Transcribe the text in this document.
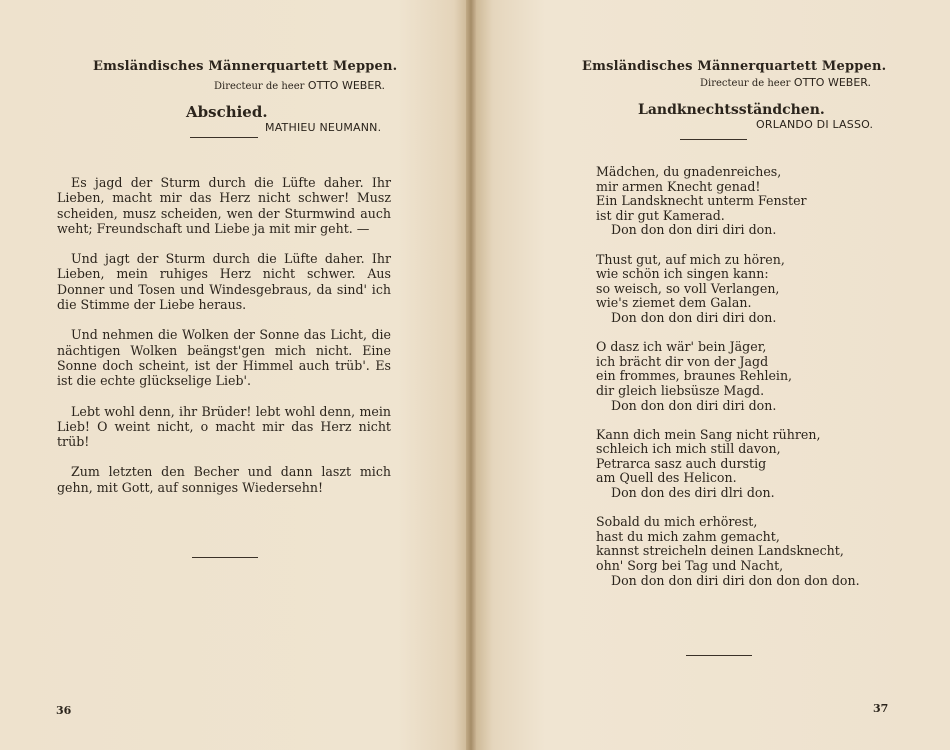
Emsländisches Männerquartett Meppen.
Directeur de heer OTTO WEBER.
Abschied.
MATHIEU NEUMANN.

Es jagd der Sturm durch die Lüfte daher. Ihr Lieben, macht mir das Herz nicht schwer! Musz scheiden, musz scheiden, wen der Sturmwind auch weht; Freundschaft und Liebe ja mit mir geht. —

Und jagt der Sturm durch die Lüfte daher. Ihr Lieben, mein ruhiges Herz nicht schwer. Aus Donner und Tosen und Windesgebraus, da sind' ich die Stimme der Liebe heraus.

Und nehmen die Wolken der Sonne das Licht, die nächtigen Wolken beängst'gen mich nicht. Eine Sonne doch scheint, ist der Himmel auch trüb'. Es ist die echte glückselige Lieb'.

Lebt wohl denn, ihr Brüder! lebt wohl denn, mein Lieb! O weint nicht, o macht mir das Herz nicht trüb!

Zum letzten den Becher und dann laszt mich gehn, mit Gott, auf sonniges Wiedersehn!

36
Emsländisches Männerquartett Meppen.
Directeur de heer OTTO WEBER.
Landknechtsständchen.
ORLANDO DI LASSO.
Mädchen, du gnadenreiches,
mir armen Knecht genad!
Ein Landsknecht unterm Fenster
ist dir gut Kamerad.
Don don don diri diri don.
Thust gut, auf mich zu hören,
wie schön ich singen kann:
so weisch, so voll Verlangen,
wie's ziemet dem Galan.
Don don don diri diri don.
O dasz ich wär' bein Jäger,
ich brächt dir von der Jagd
ein frommes, braunes Rehlein,
dir gleich liebsüsze Magd.
Don don don diri diri don.
Kann dich mein Sang nicht rühren,
schleich ich mich still davon,
Petrarca sasz auch durstig
am Quell des Helicon.
Don don des diri dlri don.
Sobald du mich erhörest,
hast du mich zahm gemacht,
kannst streicheln deinen Landsknecht,
ohn' Sorg bei Tag und Nacht,
Don don don diri diri don don don don.
37
